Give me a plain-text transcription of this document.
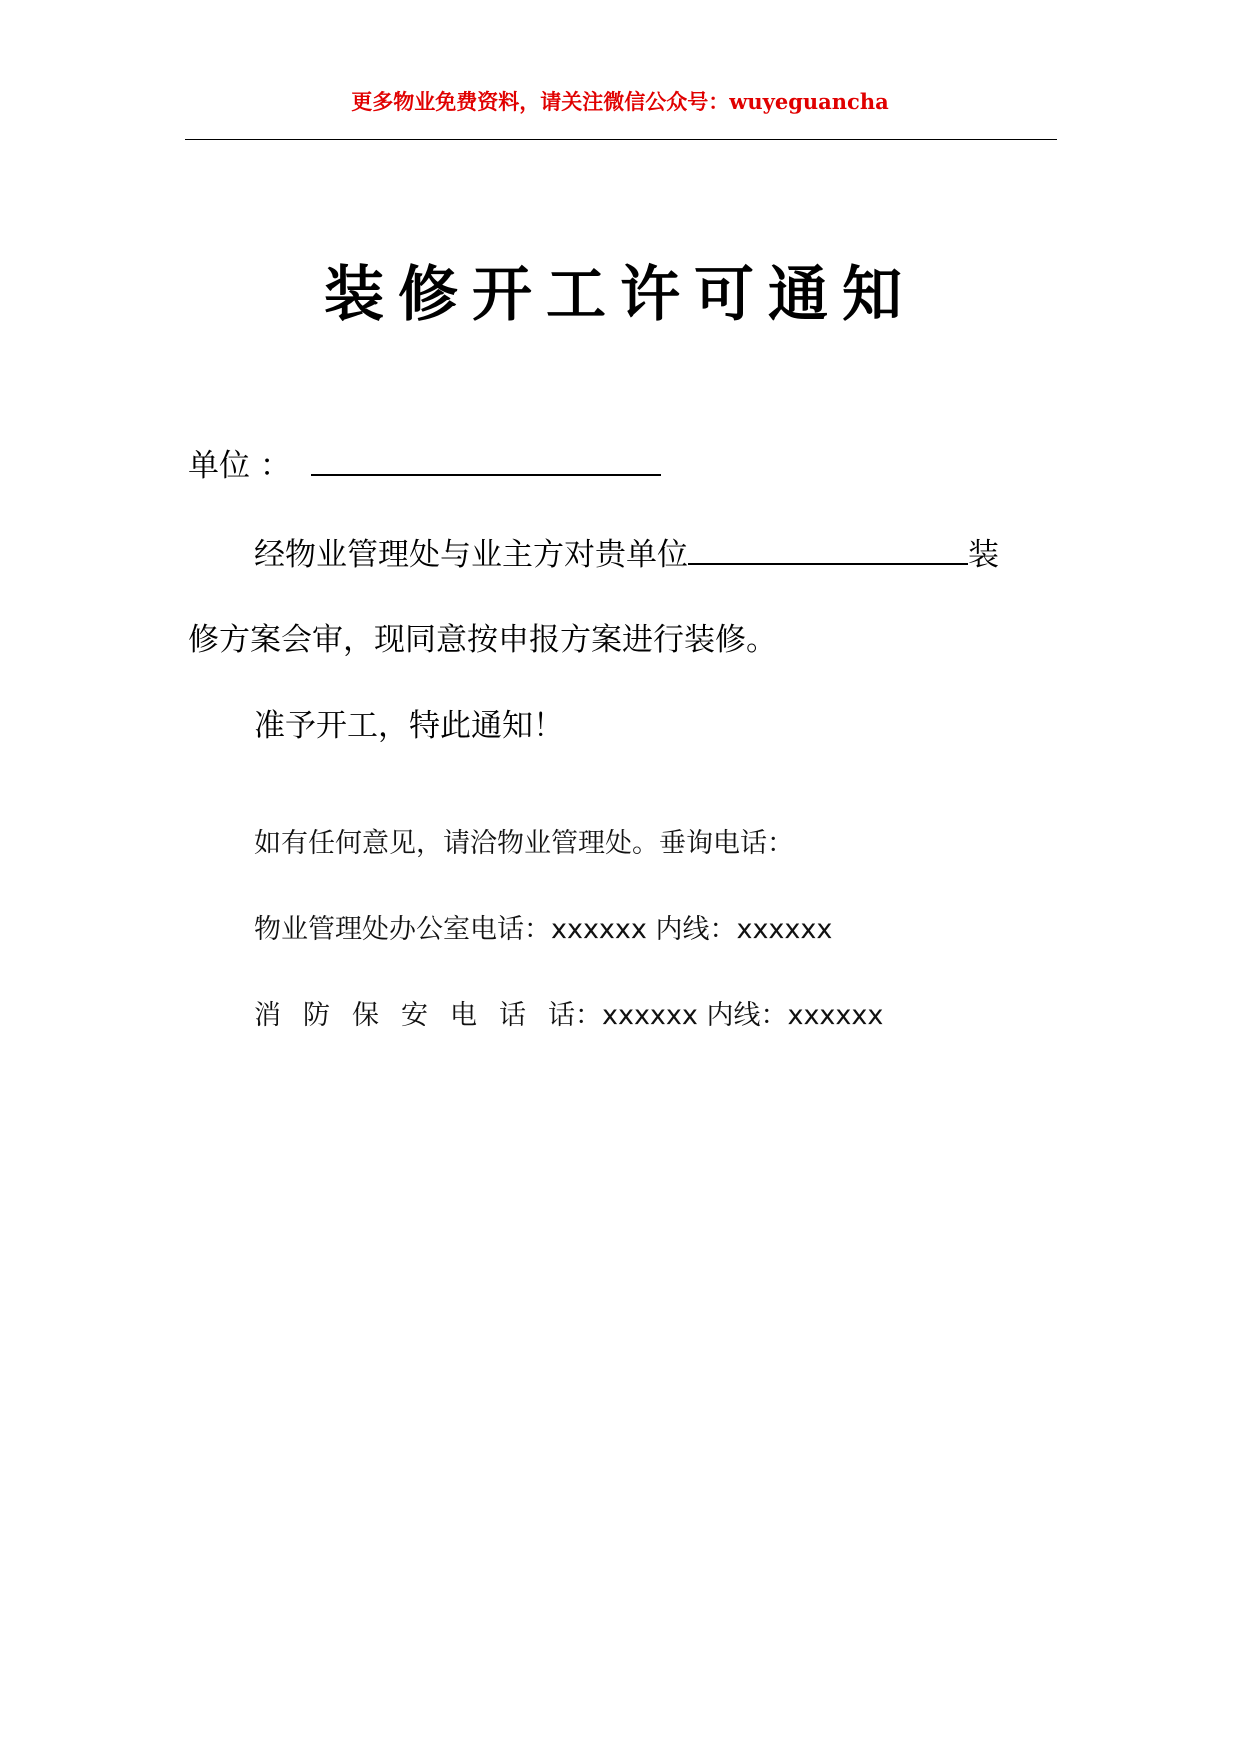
更多物业免费资料，请关注微信公众号：wuyeguancha
装修开工许可通知
单位 ：
经物业管理处与业主方对贵单位	装
修方案会审，现同意按申报方案进行装修。
准予开工，特此通知！
如有任何意见，请洽物业管理处。垂询电话：
物业管理处办公室电话：xxxxxx 内线：xxxxxx
消防保安电话话：xxxxxx 内线：xxxxxx
